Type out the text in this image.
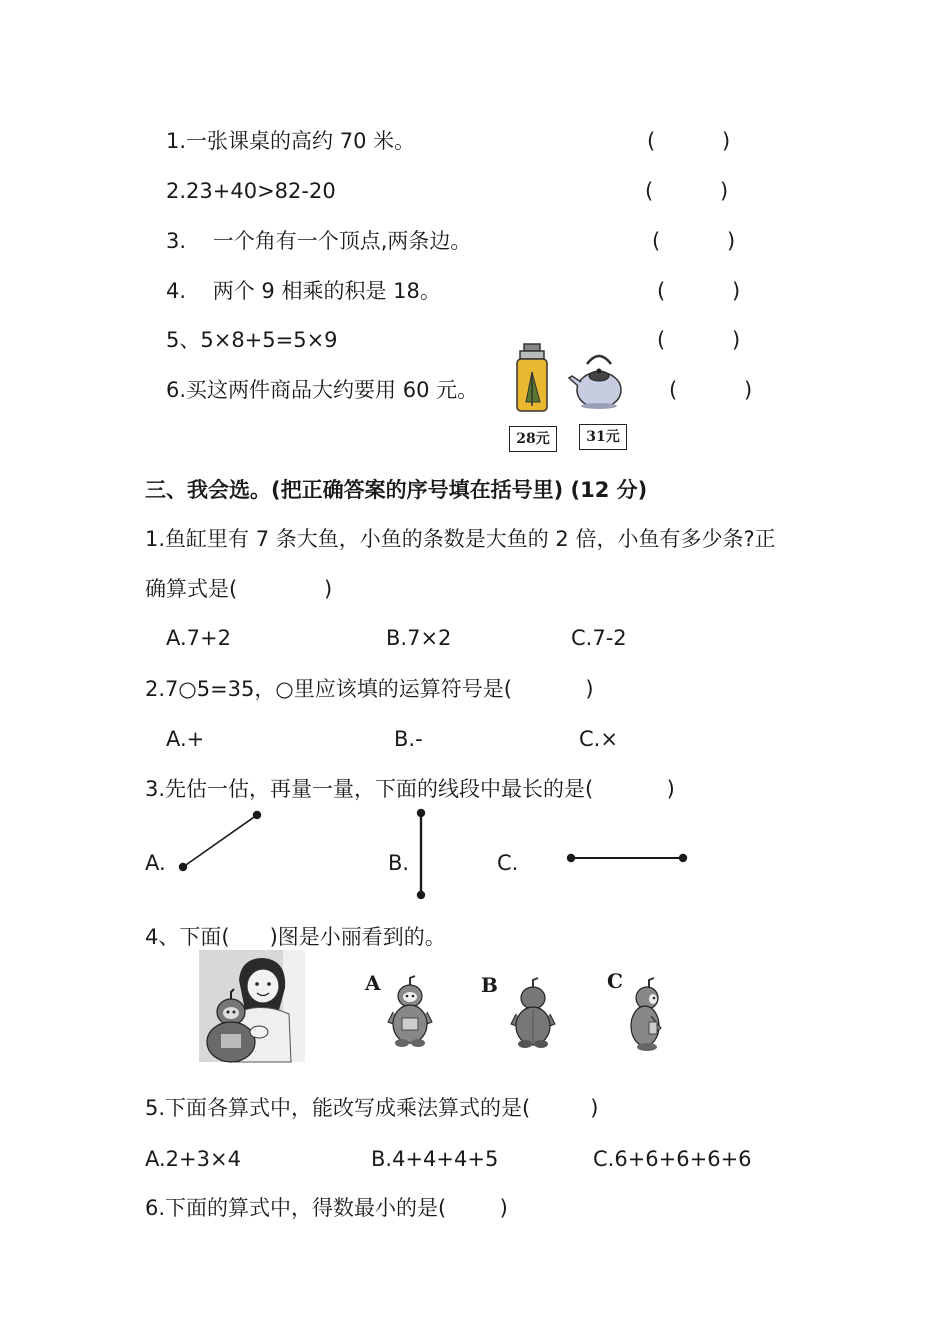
1.一张课桌的高约 70 米。	(          )
2.23+40>82-20	(          )
3.    一个角有一个顶点,两条边。	(          )
4.    两个 9 相乘的积是 18。	(          )
5、5×8+5=5×9	(          )
6.买这两件商品大约要用 60 元。	(          )
28元	31元
三、我会选。(把正确答案的序号填在括号里) (12 分)
1.鱼缸里有 7 条大鱼，小鱼的条数是大鱼的 2 倍，小鱼有多少条?正
确算式是(             )
A.7+2	B.7×2	C.7-2
2.7○5=35，○里应该填的运算符号是(           )
A.+	B.-	C.×
3.先估一估，再量一量，下面的线段中最长的是(           )
A.	B.	C.
4、下面(      )图是小丽看到的。
A	B	C
5.下面各算式中，能改写成乘法算式的是(         )
A.2+3×4	B.4+4+4+5	C.6+6+6+6+6
6.下面的算式中，得数最小的是(        )
